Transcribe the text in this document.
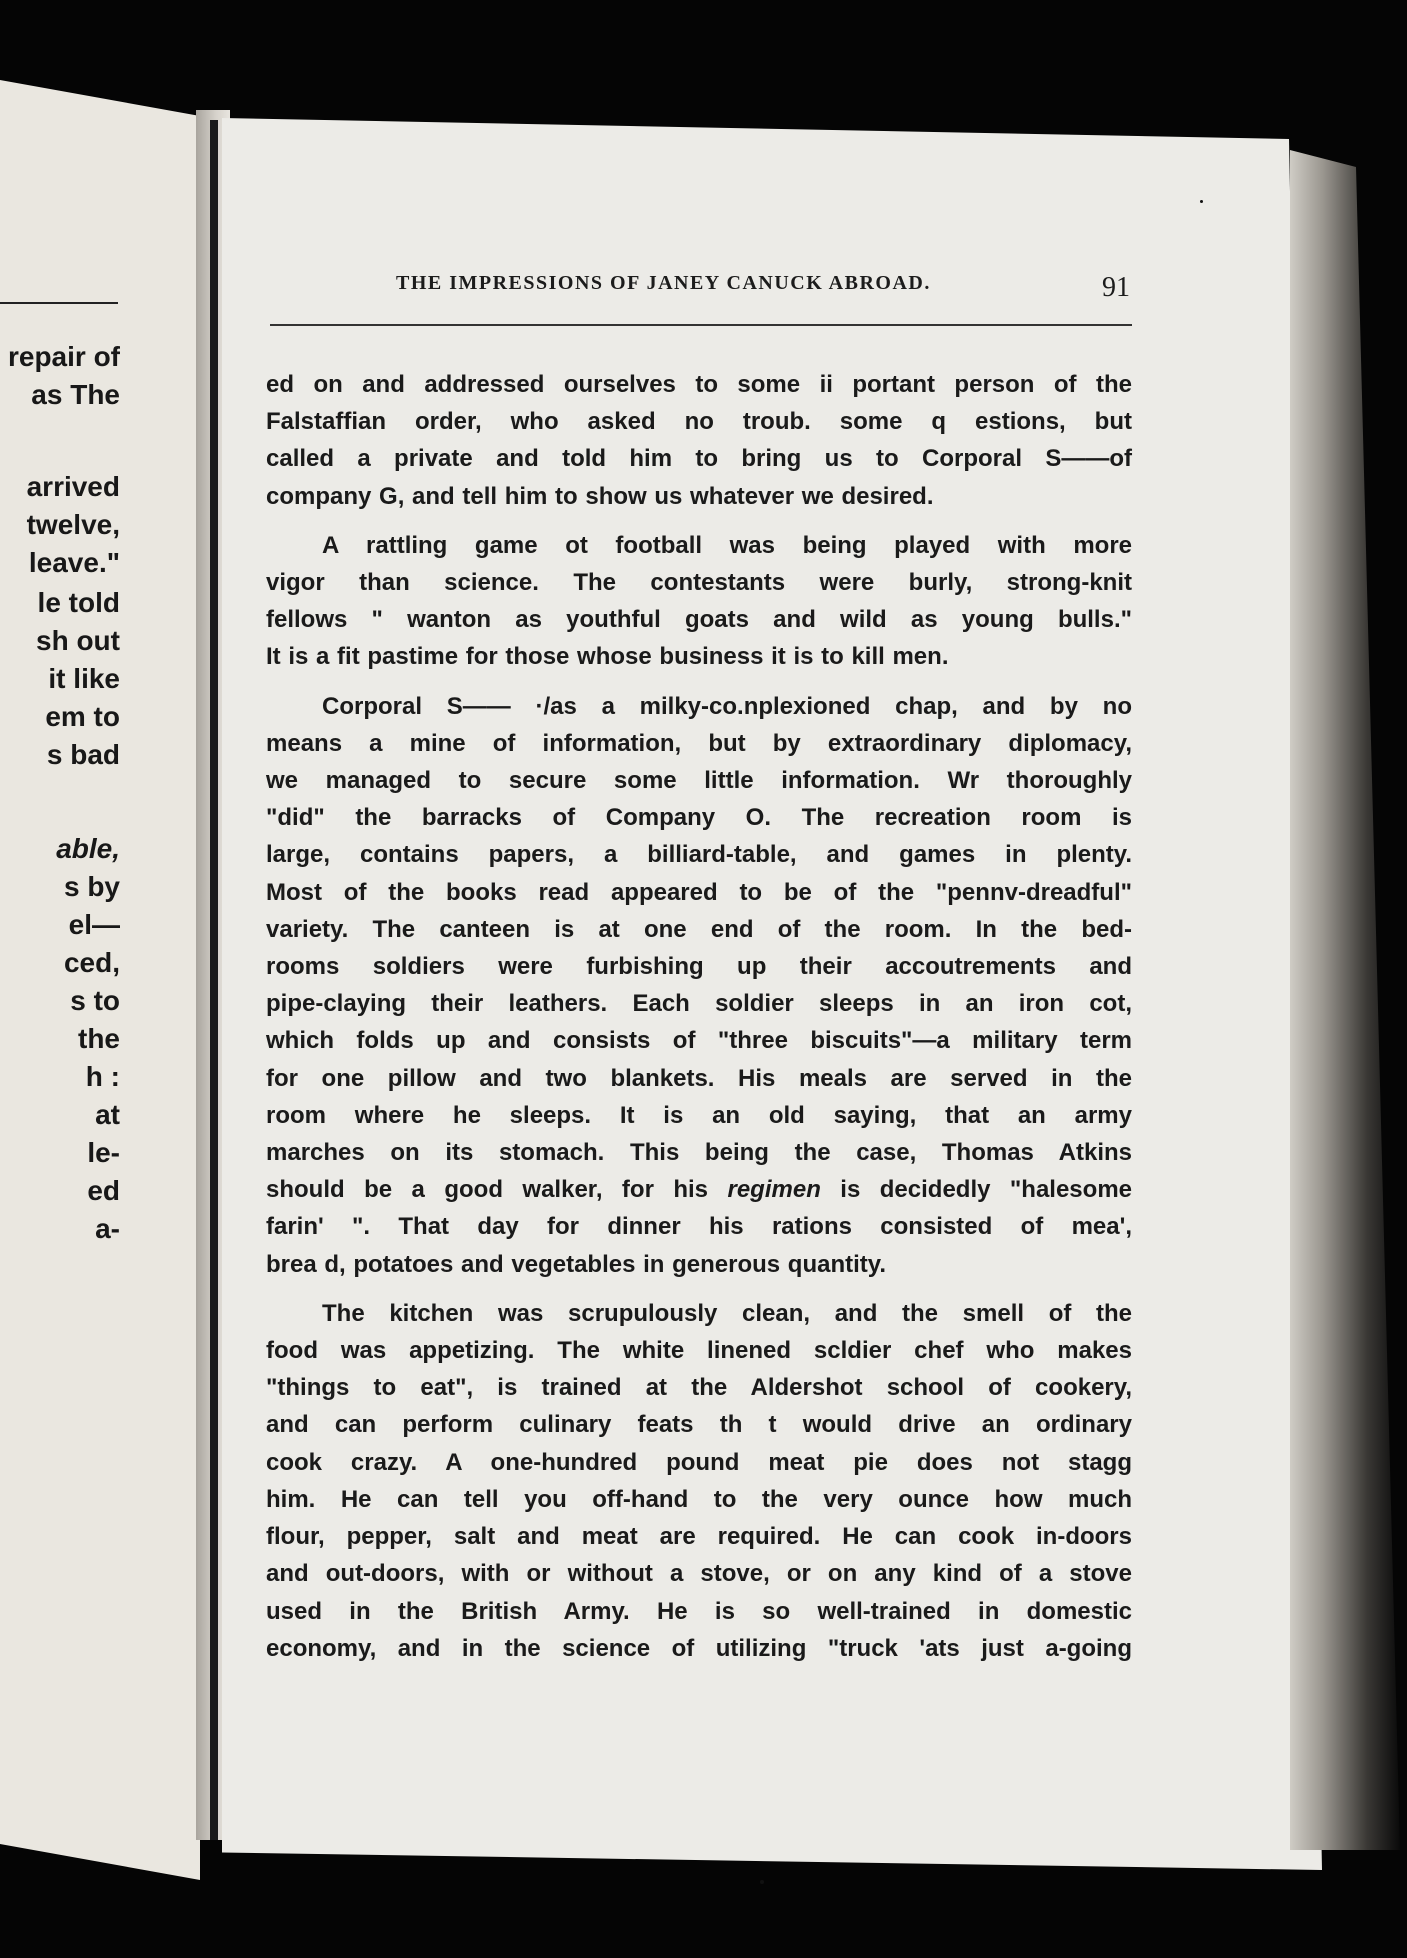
repair of
as The
arrived
twelve,
leave."
le told
sh out
it like
em to
s bad
able,
s by
el—
ced,
s to
the
h :
at
le-
ed
a-
THE IMPRESSIONS OF JANEY CANUCK ABROAD.	91
ed on and addressed ourselves to some ii portant person of the
Falstaffian order, who asked no troub. some q estions, but
called a private and told him to bring us to Corporal S——of
company G, and tell him to show us whatever we desired.
A rattling game ot football was being played with more
vigor than science. The contestants were burly, strong-knit
fellows " wanton as youthful goats and wild as young bulls."
It is a fit pastime for those whose business it is to kill men.
Corporal S—— ·/as a milky-co.nplexioned chap, and by no
means a mine of information, but by extraordinary diplomacy,
we managed to secure some little information. Wr thoroughly
"did" the barracks of Company O. The recreation room is
large, contains papers, a billiard-table, and games in plenty.
Most of the books read appeared to be of the "pennv-dreadful"
variety. The canteen is at one end of the room. In the bed-
rooms soldiers were furbishing up their accoutrements and
pipe-claying their leathers. Each soldier sleeps in an iron cot,
which folds up and consists of "three biscuits"—a military term
for one pillow and two blankets. His meals are served in the
room where he sleeps. It is an old saying, that an army
marches on its stomach. This being the case, Thomas Atkins
should be a good walker, for his regimen is decidedly "halesome
farin' ". That day for dinner his rations consisted of mea',
brea d, potatoes and vegetables in generous quantity.
The kitchen was scrupulously clean, and the smell of the
food was appetizing. The white linened scldier chef who makes
"things to eat", is trained at the Aldershot school of cookery,
and can perform culinary feats th t would drive an ordinary
cook crazy. A one-hundred pound meat pie does not stagg
him. He can tell you off-hand to the very ounce how much
flour, pepper, salt and meat are required. He can cook in-doors
and out-doors, with or without a stove, or on any kind of a stove
used in the British Army. He is so well-trained in domestic
economy, and in the science of utilizing "truck 'ats just a-going
